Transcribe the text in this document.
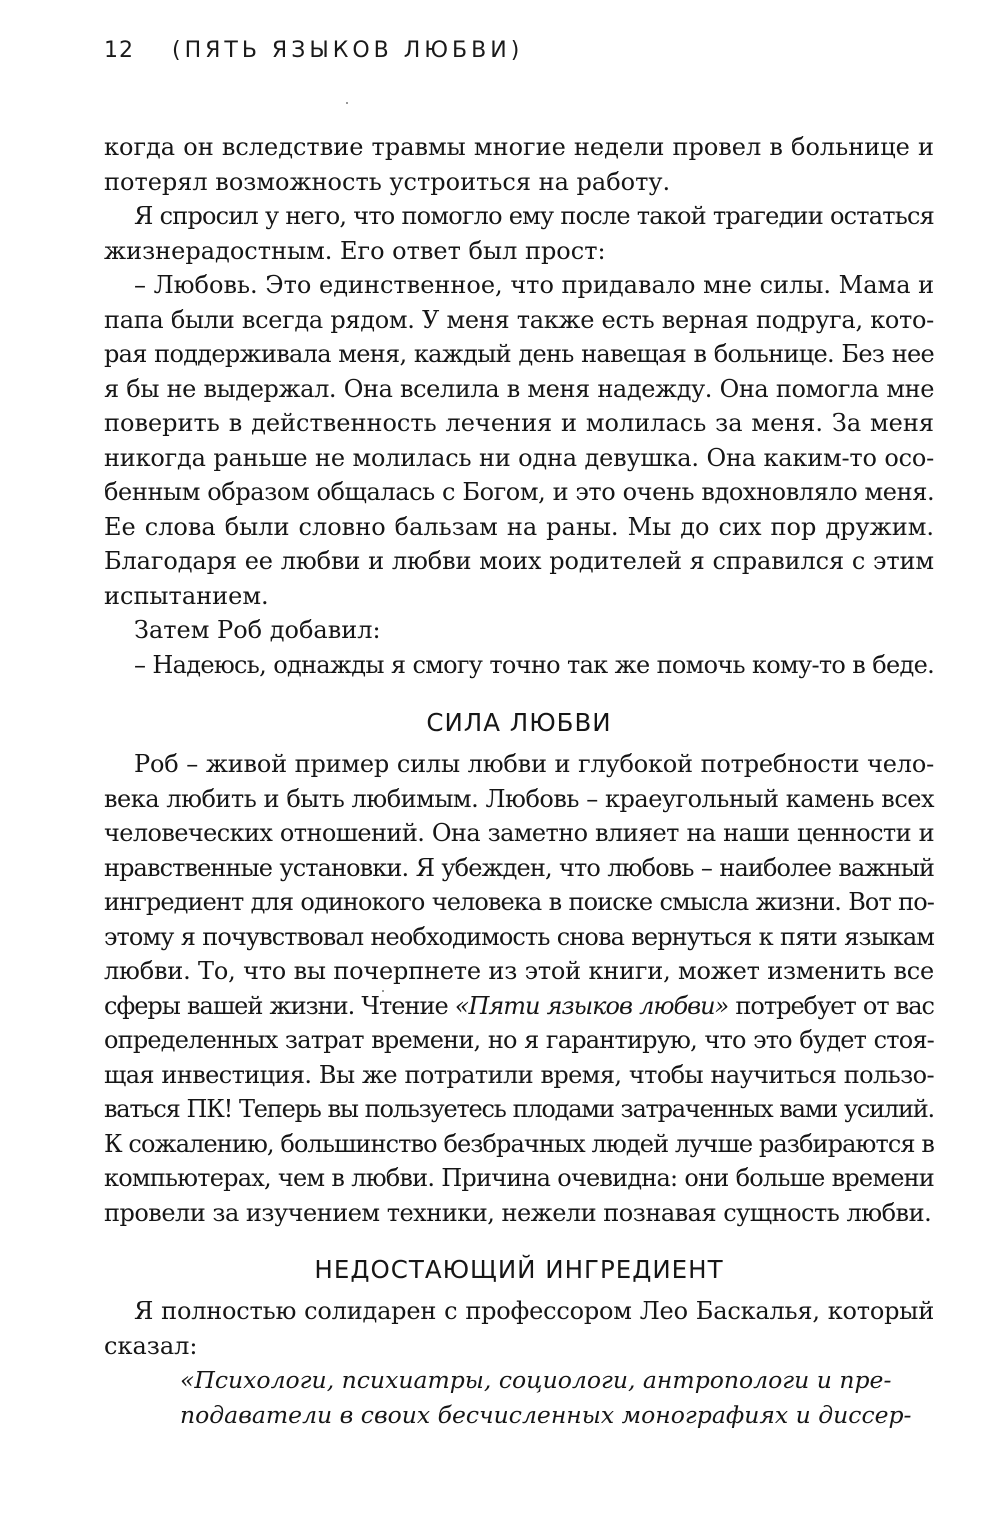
12 (ПЯТЬ ЯЗЫКОВ ЛЮБВИ)
когда он вследствие травмы многие недели провел в больнице и
потерял возможность устроиться на работу.
Я спросил у него, что помогло ему после такой трагедии остаться
жизнерадостным. Его ответ был прост:
– Любовь. Это единственное, что придавало мне силы. Мама и
папа были всегда рядом. У меня также есть верная подруга, кото-
рая поддерживала меня, каждый день навещая в больнице. Без нее
я бы не выдержал. Она вселила в меня надежду. Она помогла мне
поверить в действенность лечения и молилась за меня. За меня
никогда раньше не молилась ни одна девушка. Она каким-то осо-
бенным образом общалась с Богом, и это очень вдохновляло меня.
Ее слова были словно бальзам на раны. Мы до сих пор дружим.
Благодаря ее любви и любви моих родителей я справился с этим
испытанием.
Затем Роб добавил:
– Надеюсь, однажды я смогу точно так же помочь кому-то в беде.
СИЛА ЛЮБВИ
Роб – живой пример силы любви и глубокой потребности чело-
века любить и быть любимым. Любовь – краеугольный камень всех
человеческих отношений. Она заметно влияет на наши ценности и
нравственные установки. Я убежден, что любовь – наиболее важный
ингредиент для одинокого человека в поиске смысла жизни. Вот по-
этому я почувствовал необходимость снова вернуться к пяти языкам
любви. То, что вы почерпнете из этой книги, может изменить все
сферы вашей жизни. Чтение «Пяти языков любви» потребует от вас
опредeленных затрат времени, но я гарантирую, что это будет стоя-
щая инвестиция. Вы же потратили время, чтобы научиться пользо-
ваться ПК! Теперь вы пользуетесь плодами затраченных вами усилий.
К сожалению, большинство безбрачных людей лучше разбираются в
компьютерах, чем в любви. Причина очевидна: они больше времени
провели за изучением техники, нежели познавая сущность любви.
НЕДОСТАЮЩИЙ ИНГРЕДИЕНТ
Я полностью солидарен с профессором Лео Баскалья, который
сказал:
«Психологи, психиатры, социологи, антропологи и пре-
подаватели в своих бесчисленных монографиях и диссер-
